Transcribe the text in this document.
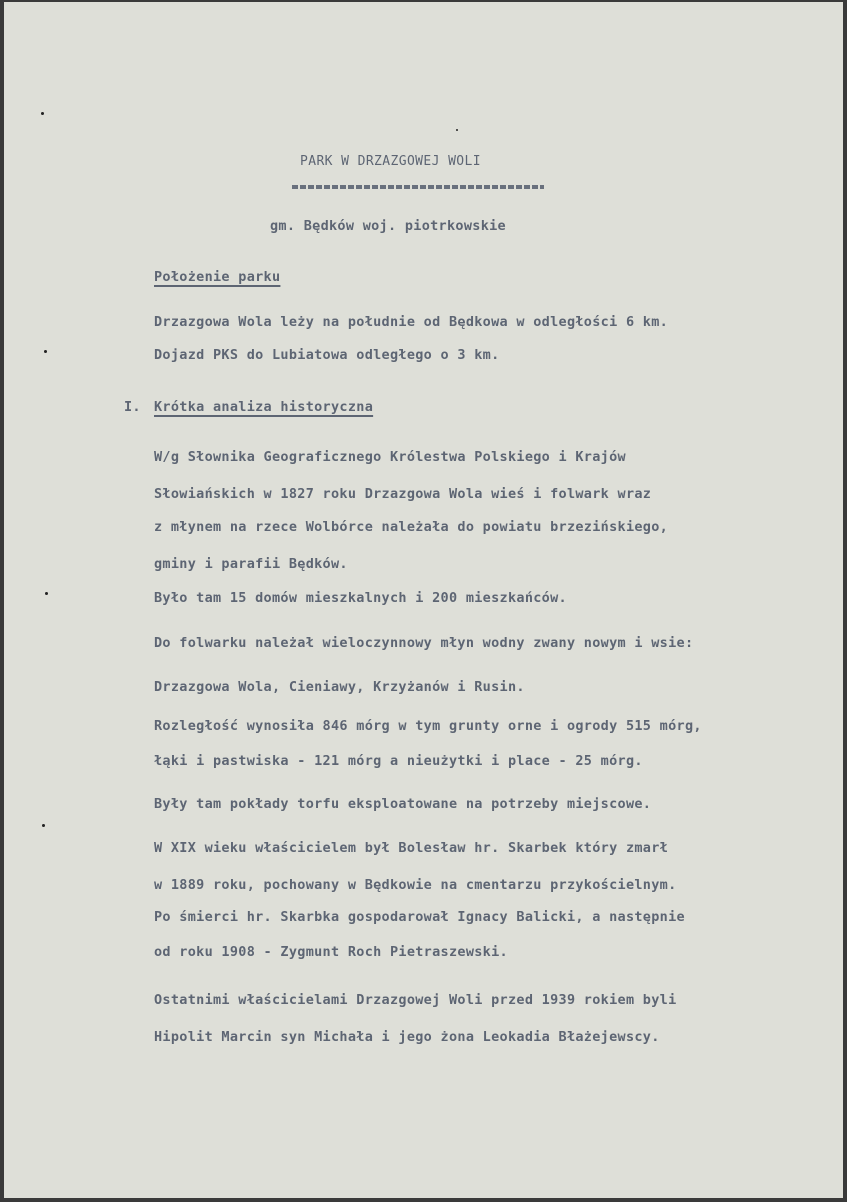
PARK W DRZAZGOWEJ WOLI
gm. Będków woj. piotrkowskie
Położenie parku
Drzazgowa Wola leży na południe od Będkowa w odległości 6 km.
Dojazd PKS do Lubiatowa odległego o 3 km.
I. Krótka analiza historyczna
W/g Słownika Geograficznego Królestwa Polskiego i Krajów
Słowiańskich w 1827 roku Drzazgowa Wola wieś i folwark wraz
z młynem na rzece Wolbórce należała do powiatu brzezińskiego,
gminy i parafii Będków.
Było tam 15 domów mieszkalnych i 200 mieszkańców.
Do folwarku należał wieloczynnowy młyn wodny zwany nowym i wsie:
Drzazgowa Wola, Cieniawy, Krzyżanów i Rusin.
Rozległość wynosiła 846 mórg w tym grunty orne i ogrody 515 mórg,
łąki i pastwiska - 121 mórg a nieużytki i place - 25 mórg.
Były tam pokłady torfu eksploatowane na potrzeby miejscowe.
W XIX wieku właścicielem był Bolesław hr. Skarbek który zmarł
w 1889 roku, pochowany w Będkowie na cmentarzu przykościelnym.
Po śmierci hr. Skarbka gospodarował Ignacy Balicki, a następnie
od roku 1908 - Zygmunt Roch Pietraszewski.
Ostatnimi właścicielami Drzazgowej Woli przed 1939 rokiem byli
Hipolit Marcin syn Michała i jego żona Leokadia Błażejewscy.
